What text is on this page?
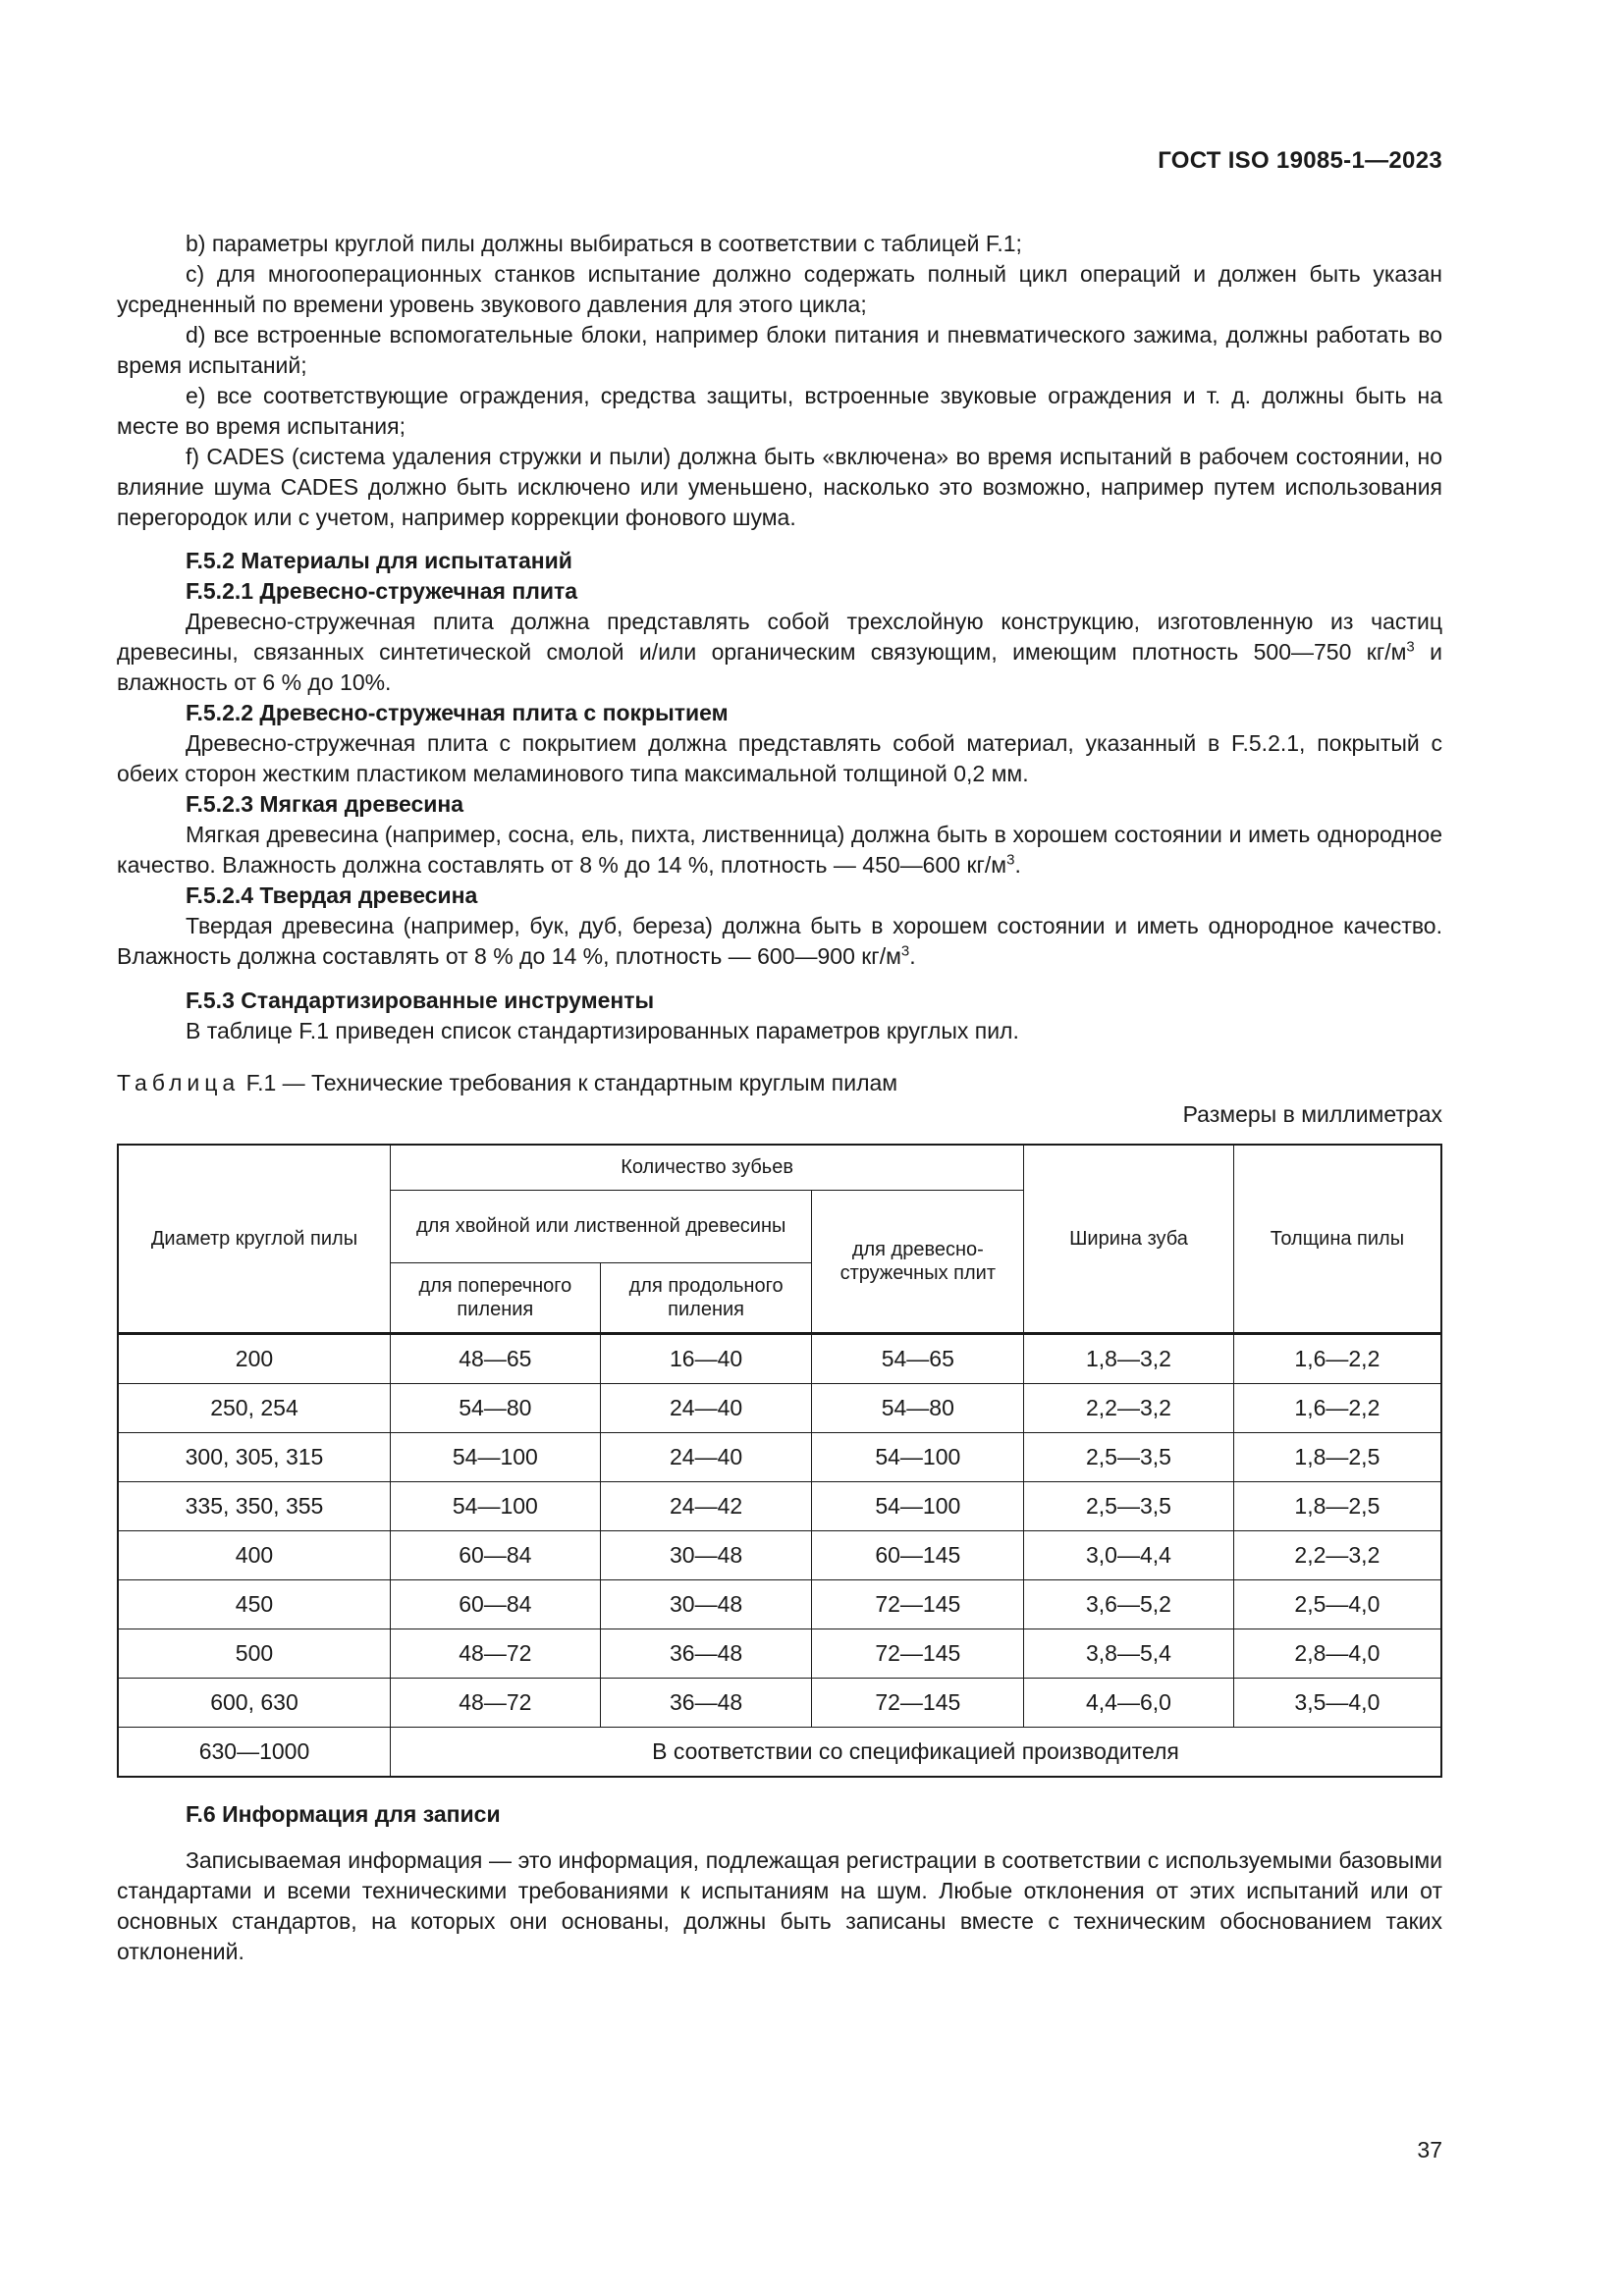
ГОСТ ISO 19085-1—2023

b) параметры круглой пилы должны выбираться в соответствии с таблицей F.1;

c) для многооперационных станков испытание должно содержать полный цикл операций и должен быть указан усредненный по времени уровень звукового давления для этого цикла;

d) все встроенные вспомогательные блоки, например блоки питания и пневматического зажима, должны работать во время испытаний;

e) все соответствующие ограждения, средства защиты, встроенные звуковые ограждения и т. д. должны быть на месте во время испытания;

f) CADES (система удаления стружки и пыли) должна быть «включена» во время испытаний в рабочем состоянии, но влияние шума CADES должно быть исключено или уменьшено, насколько это возможно, например путем использования перегородок или с учетом, например коррекции фонового шума.

F.5.2 Материалы для испытатаний

F.5.2.1 Древесно-стружечная плита

Древесно-стружечная плита должна представлять собой трехслойную конструкцию, изготовленную из частиц древесины, связанных синтетической смолой и/или органическим связующим, имеющим плотность 500—750 $кг/м^3$ и влажность от 6 % до 10%.

F.5.2.2 Древесно-стружечная плита с покрытием

Древесно-стружечная плита с покрытием должна представлять собой материал, указанный в F.5.2.1, покрытый с обеих сторон жестким пластиком меламинового типа максимальной толщиной 0,2 мм.

F.5.2.3 Мягкая древесина

Мягкая древесина (например, сосна, ель, пихта, лиственница) должна быть в хорошем состоянии и иметь однородное качество. Влажность должна составлять от 8 % до 14 %, плотность — 450—600 $кг/м^3$.

F.5.2.4 Твердая древесина

Твердая древесина (например, бук, дуб, береза) должна быть в хорошем состоянии и иметь однородное качество. Влажность должна составлять от 8 % до 14 %, плотность — 600—900 $кг/м^3$.

F.5.3 Стандартизированные инструменты

В таблице F.1 приведен список стандартизированных параметров круглых пил.

Таблица F.1 — Технические требования к стандартным круглым пилам
Размеры в миллиметрах
Диаметр круглой пилы	Количество зубьев			Ширина зуба	Толщина пилы
	для хвойной или лиственной древесины		для древесно-стружечных плит		
	для поперечного пиления	для продольного пиления			
200	48—65	16—40	54—65	1,8—3,2	1,6—2,2
250, 254	54—80	24—40	54—80	2,2—3,2	1,6—2,2
300, 305, 315	54—100	24—40	54—100	2,5—3,5	1,8—2,5
335, 350, 355	54—100	24—42	54—100	2,5—3,5	1,8—2,5
400	60—84	30—48	60—145	3,0—4,4	2,2—3,2
450	60—84	30—48	72—145	3,6—5,2	2,5—4,0
500	48—72	36—48	72—145	3,8—5,4	2,8—4,0
600, 630	48—72	36—48	72—145	4,4—6,0	3,5—4,0
630—1000	В соответствии со спецификацией производителя				

F.6 Информация для записи

Записываемая информация — это информация, подлежащая регистрации в соответствии с используемыми базовыми стандартами и всеми техническими требованиями к испытаниям на шум. Любые отклонения от этих испытаний или от основных стандартов, на которых они основаны, должны быть записаны вместе с техническим обоснованием таких отклонений.

37
